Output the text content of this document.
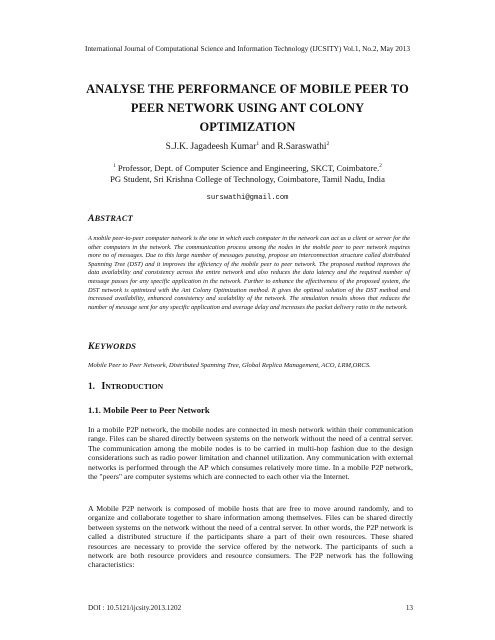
International Journal of Computational Science and Information Technology (IJCSITY) Vol.1, No.2, May 2013
ANALYSE THE PERFORMANCE OF MOBILE PEER TO
PEER NETWORK USING ANT COLONY
OPTIMIZATION
S.J.K. Jagadeesh Kumar$^1$ and R.Saraswathi$^2$
$^1$ Professor, Dept. of Computer Science and Engineering, SKCT, Coimbatore.$^2$
PG Student, Sri Krishna College of Technology, Coimbatore, Tamil Nadu, India
surswathi@gmail.com
ABSTRACT
A mobile peer-to-peer computer network is the one in which each computer in the network can act as a client or server for the other computers in the network. The communication process among the nodes in the mobile peer to peer network requires more no of messages. Due to this large number of messages passing, propose an interconnection structure called distributed Spanning Tree (DST) and it improves the efficiency of the mobile peer to peer network. The proposed method improves the data availability and consistency across the entire network and also reduces the data latency and the required number of message passes for any specific application in the network. Further to enhance the effectiveness of the proposed system, the DST network is optimized with the Ant Colony Optimization method. It gives the optimal solution of the DST method and increased availability, enhanced consistency and scalability of the network. The simulation results shows that reduces the number of message sent for any specific application and average delay and increases the packet delivery ratio in the network.
KEYWORDS
Mobile Peer to Peer Network, Distributed Spanning Tree, Global Replica Management, ACO, LRM,ORCS.
1. INTRODUCTION
1.1. Mobile Peer to Peer Network
In a mobile P2P network, the mobile nodes are connected in mesh network within their communication range. Files can be shared directly between systems on the network without the need of a central server. The communication among the mobile nodes is to be carried in multi-hop fashion due to the design considerations such as radio power limitation and channel utilization. Any communication with external networks is performed through the AP which consumes relatively more time. In a mobile P2P network, the "peers" are computer systems which are connected to each other via the Internet.
A Mobile P2P network is composed of mobile hosts that are free to move around randomly, and to organize and collaborate together to share information among themselves. Files can be shared directly between systems on the network without the need of a central server. In other words, the P2P network is called a distributed structure if the participants share a part of their own resources. These shared resources are necessary to provide the service offered by the network. The participants of such a network are both resource providers and resource consumers. The P2P network has the following characteristics:
DOI : 10.5121/ijcsity.2013.1202	13
